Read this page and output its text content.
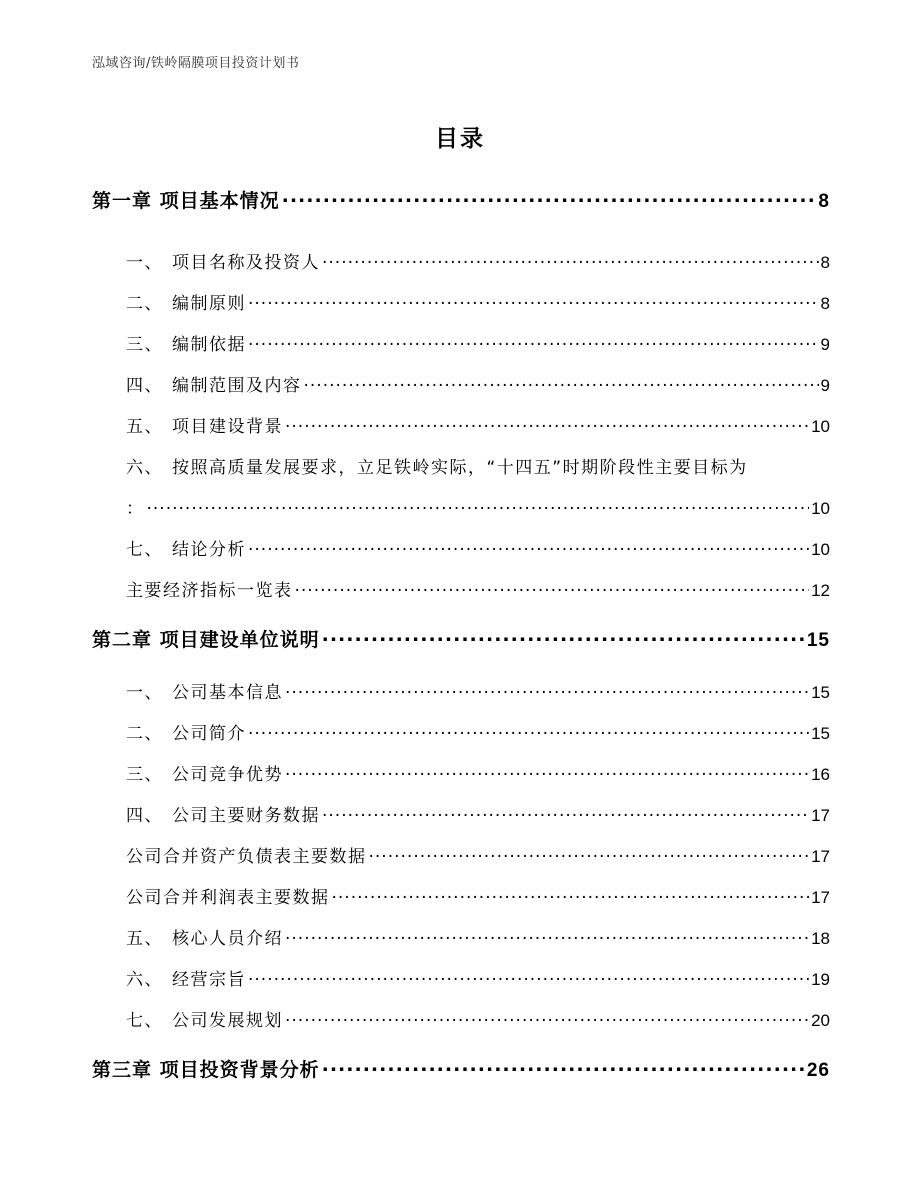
泓域咨询/铁岭隔膜项目投资计划书
目录
第一章 项目基本情况 .....	8
一、 项目名称及投资人 .....	8
二、 编制原则 .....	8
三、 编制依据 .....	9
四、 编制范围及内容 .....	9
五、 项目建设背景 .....	10
六、 按照高质量发展要求，立足铁岭实际，“十四五”时期阶段性主要目标为
： .....	10
七、 结论分析 .....	10
主要经济指标一览表 .....	12
第二章 项目建设单位说明 .....	15
一、 公司基本信息 .....	15
二、 公司简介 .....	15
三、 公司竞争优势 .....	16
四、 公司主要财务数据 .....	17
公司合并资产负债表主要数据 .....	17
公司合并利润表主要数据 .....	17
五、 核心人员介绍 .....	18
六、 经营宗旨 .....	19
七、 公司发展规划 .....	20
第三章 项目投资背景分析 .....	26
